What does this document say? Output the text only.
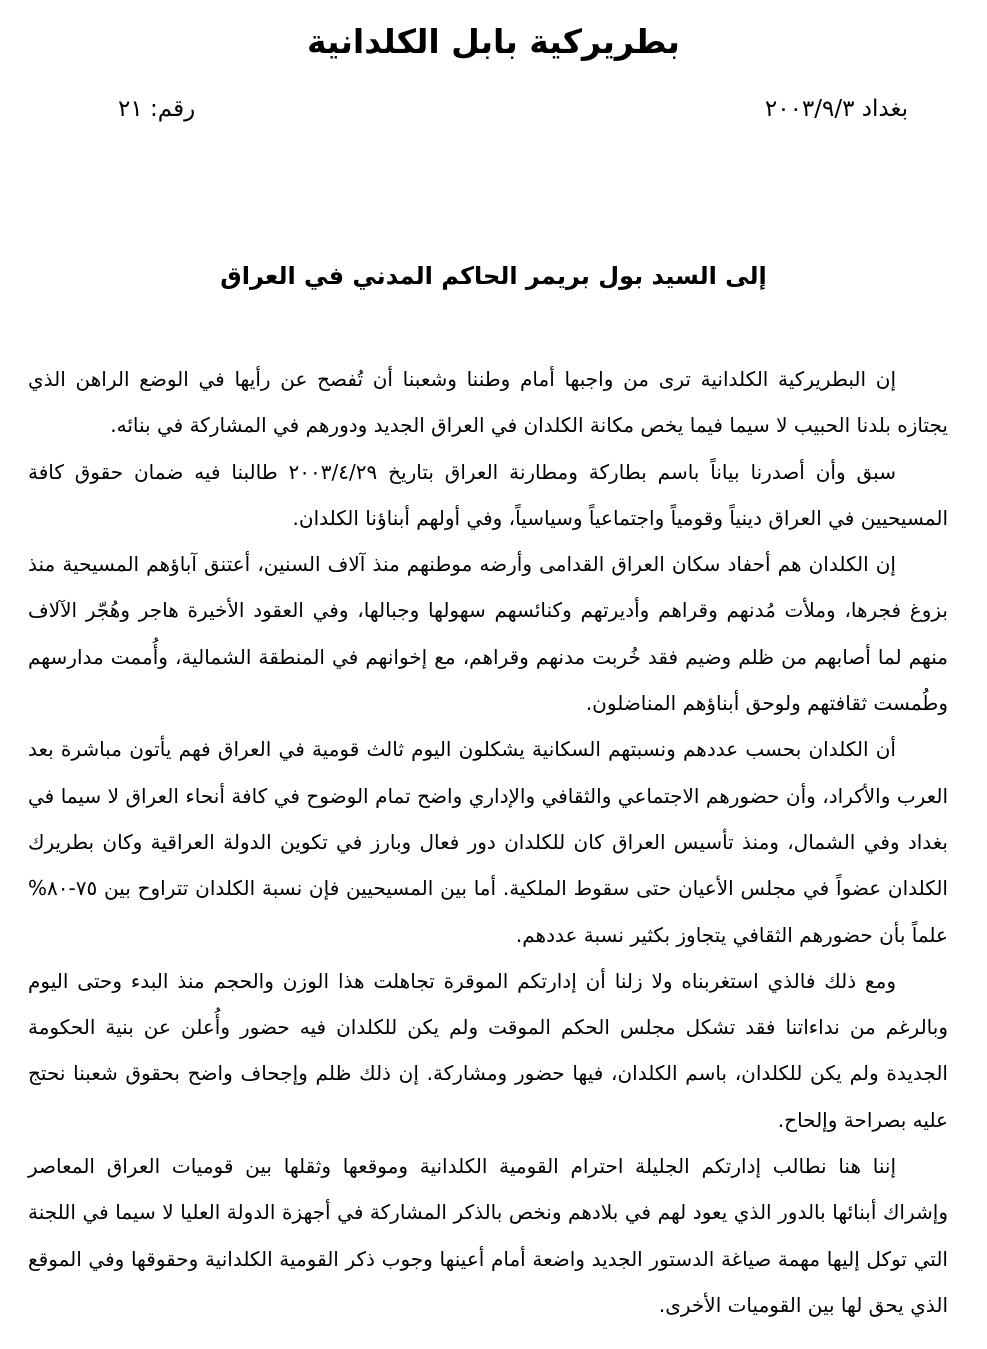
بطريركية بابل الكلدانية
بغداد ٢٠٠٣/٩/٣
رقم: ٢١
إلى السيد بول بريمر الحاكم المدني في العراق

إن البطريركية الكلدانية ترى من واجبها أمام وطننا وشعبنا أن تُفصح عن رأيها في الوضع الراهن الذي يجتازه بلدنا الحبيب لا سيما فيما يخص مكانة الكلدان في العراق الجديد ودورهم في المشاركة في بنائه.

سبق وأن أصدرنا بياناً باسم بطاركة ومطارنة العراق بتاريخ ٢٠٠٣/٤/٢٩ طالبنا فيه ضمان حقوق كافة المسيحيين في العراق دينياً وقومياً واجتماعياً وسياسياً، وفي أولهم أبناؤنا الكلدان.

إن الكلدان هم أحفاد سكان العراق القدامى وأرضه موطنهم منذ آلاف السنين، أعتنق آباؤهم المسيحية منذ بزوغ فجرها، وملأت مُدنهم وقراهم وأديرتهم وكنائسهم سهولها وجبالها، وفي العقود الأخيرة هاجر وهُجّر الآلاف منهم لما أصابهم من ظلم وضيم فقد خُربت مدنهم وقراهم، مع إخوانهم في المنطقة الشمالية، وأُممت مدارسهم وطُمست ثقافتهم ولوحق أبناؤهم المناضلون.

أن الكلدان بحسب عددهم ونسبتهم السكانية يشكلون اليوم ثالث قومية في العراق فهم يأتون مباشرة بعد العرب والأكراد، وأن حضورهم الاجتماعي والثقافي والإداري واضح تمام الوضوح في كافة أنحاء العراق لا سيما في بغداد وفي الشمال، ومنذ تأسيس العراق كان للكلدان دور فعال وبارز في تكوين الدولة العراقية وكان بطريرك الكلدان عضواً في مجلس الأعيان حتى سقوط الملكية. أما بين المسيحيين فإن نسبة الكلدان تتراوح بين ٧٥-٨٠% علماً بأن حضورهم الثقافي يتجاوز بكثير نسبة عددهم.

ومع ذلك فالذي استغربناه ولا زلنا أن إدارتكم الموقرة تجاهلت هذا الوزن والحجم منذ البدء وحتى اليوم وبالرغم من نداءاتنا فقد تشكل مجلس الحكم الموقت ولم يكن للكلدان فيه حضور وأُعلن عن بنية الحكومة الجديدة ولم يكن للكلدان، باسم الكلدان، فيها حضور ومشاركة. إن ذلك ظلم وإجحاف واضح بحقوق شعبنا نحتج عليه بصراحة وإلحاح.

إننا هنا نطالب إدارتكم الجليلة احترام القومية الكلدانية وموقعها وثقلها بين قوميات العراق المعاصر وإشراك أبنائها بالدور الذي يعود لهم في بلادهم ونخص بالذكر المشاركة في أجهزة الدولة العليا لا سيما في اللجنة التي توكل إليها مهمة صياغة الدستور الجديد واضعة أمام أعينها وجوب ذكر القومية الكلدانية وحقوقها وفي الموقع الذي يحق لها بين القوميات الأخرى.
